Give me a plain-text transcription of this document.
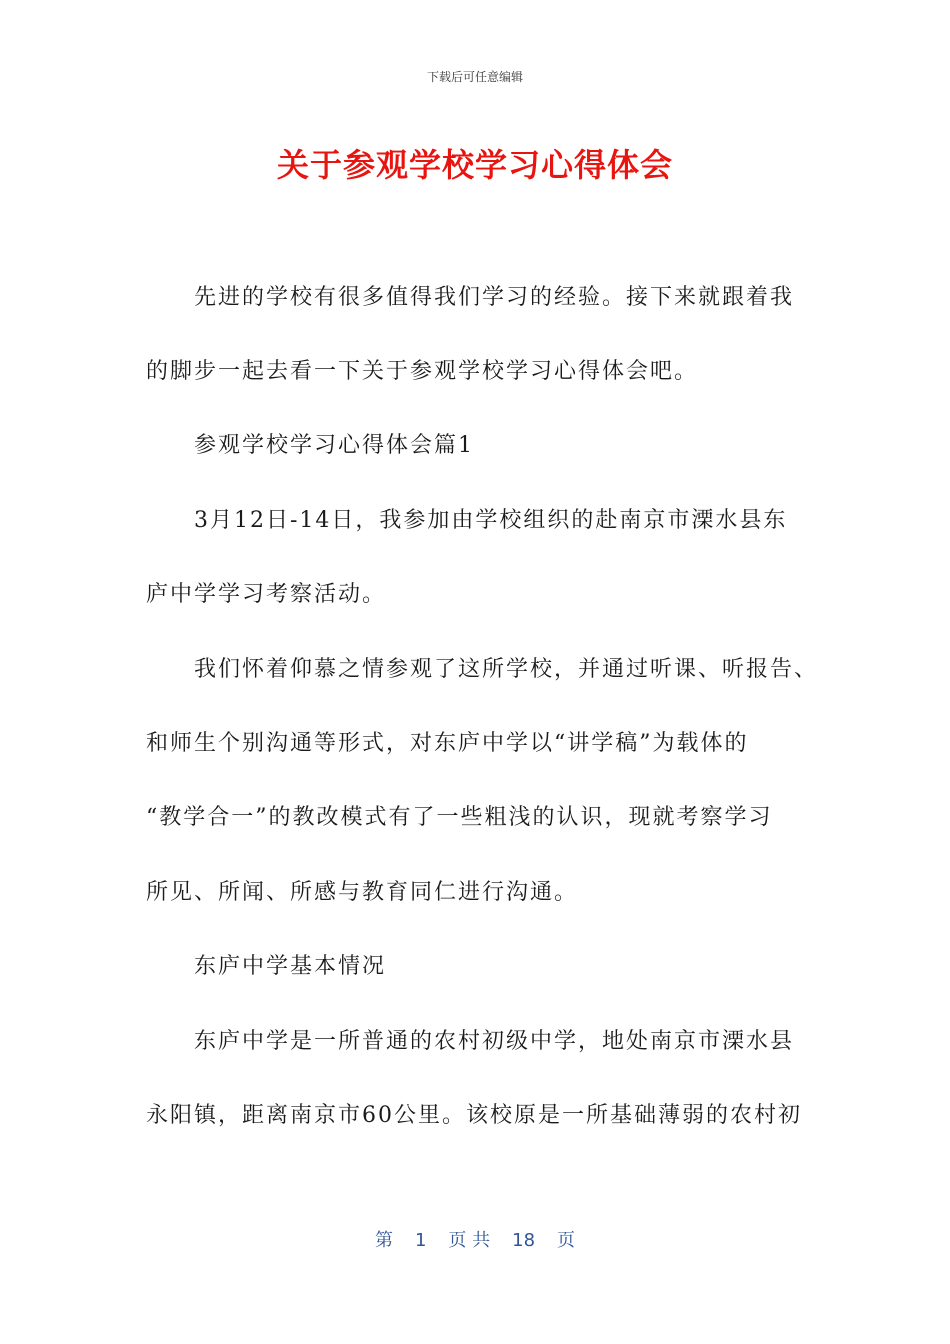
下载后可任意编辑
关于参观学校学习心得体会

先进的学校有很多值得我们学习的经验。接下来就跟着我

的脚步一起去看一下关于参观学校学习心得体会吧。

参观学校学习心得体会篇1

3月12日-14日，我参加由学校组织的赴南京市溧水县东

庐中学学习考察活动。

我们怀着仰慕之情参观了这所学校，并通过听课、听报告、

和师生个别沟通等形式，对东庐中学以“讲学稿”为载体的

“教学合一”的教改模式有了一些粗浅的认识，现就考察学习

所见、所闻、所感与教育同仁进行沟通。

东庐中学基本情况

东庐中学是一所普通的农村初级中学，地处南京市溧水县

永阳镇，距离南京市60公里。该校原是一所基础薄弱的农村初

第 1 页 共 18 页
